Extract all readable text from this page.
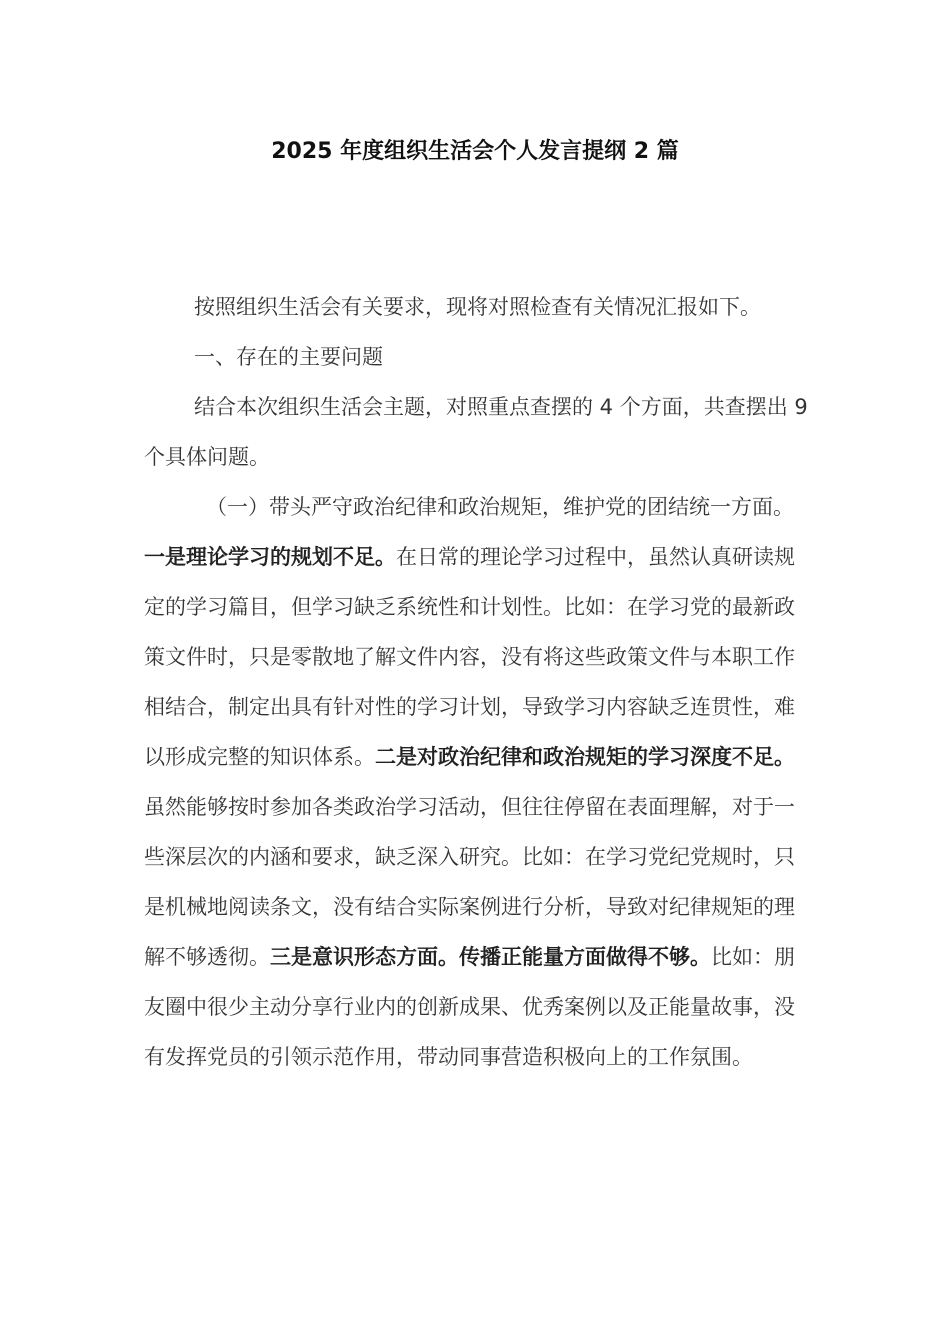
2025 年度组织生活会个人发言提纲 2 篇

按照组织生活会有关要求，现将对照检查有关情况汇报如下。

一、存在的主要问题

结合本次组织生活会主题，对照重点查摆的 4 个方面，共查摆出 9 个具体问题。

（一）带头严守政治纪律和政治规矩，维护党的团结统一方面。

一是理论学习的规划不足。在日常的理论学习过程中，虽然认真研读规定的学习篇目，但学习缺乏系统性和计划性。比如：在学习党的最新政策文件时，只是零散地了解文件内容，没有将这些政策文件与本职工作相结合，制定出具有针对性的学习计划，导致学习内容缺乏连贯性，难以形成完整的知识体系。二是对政治纪律和政治规矩的学习深度不足。虽然能够按时参加各类政治学习活动，但往往停留在表面理解，对于一些深层次的内涵和要求，缺乏深入研究。比如：在学习党纪党规时，只是机械地阅读条文，没有结合实际案例进行分析，导致对纪律规矩的理解不够透彻。三是意识形态方面。传播正能量方面做得不够。比如：朋友圈中很少主动分享行业内的创新成果、优秀案例以及正能量故事，没有发挥党员的引领示范作用，带动同事营造积极向上的工作氛围。
